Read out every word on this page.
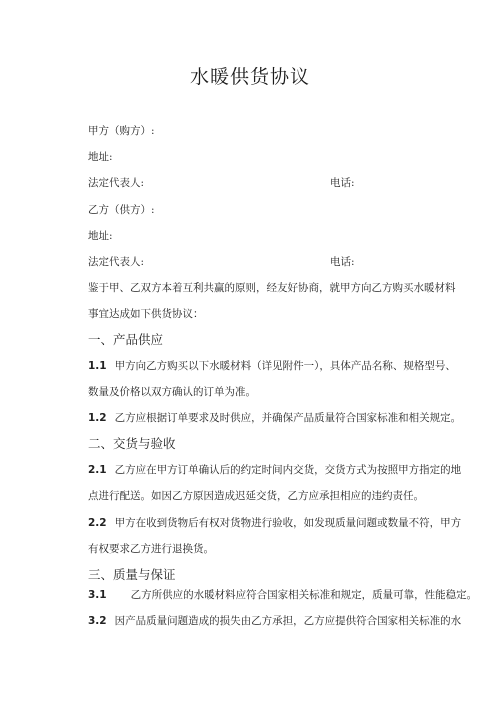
水暖供货协议
甲方（购方）:
地址:
法定代表人:	电话:
乙方（供方）:
地址:
法定代表人:	电话:
鉴于甲、乙双方本着互利共赢的原则，经友好协商，就甲方向乙方购买水暖材料
事宜达成如下供货协议：
一、产品供应
1.1 甲方向乙方购买以下水暖材料（详见附件一），具体产品名称、规格型号、
数量及价格以双方确认的订单为准。
1.2 乙方应根据订单要求及时供应，并确保产品质量符合国家标准和相关规定。
二、交货与验收
2.1 乙方应在甲方订单确认后的约定时间内交货，交货方式为按照甲方指定的地
点进行配送。如因乙方原因造成迟延交货，乙方应承担相应的违约责任。
2.2 甲方在收到货物后有权对货物进行验收，如发现质量问题或数量不符，甲方
有权要求乙方进行退换货。
三、质量与保证
3.1 乙方所供应的水暖材料应符合国家相关标准和规定，质量可靠，性能稳定。
3.2 因产品质量问题造成的损失由乙方承担，乙方应提供符合国家相关标准的水
